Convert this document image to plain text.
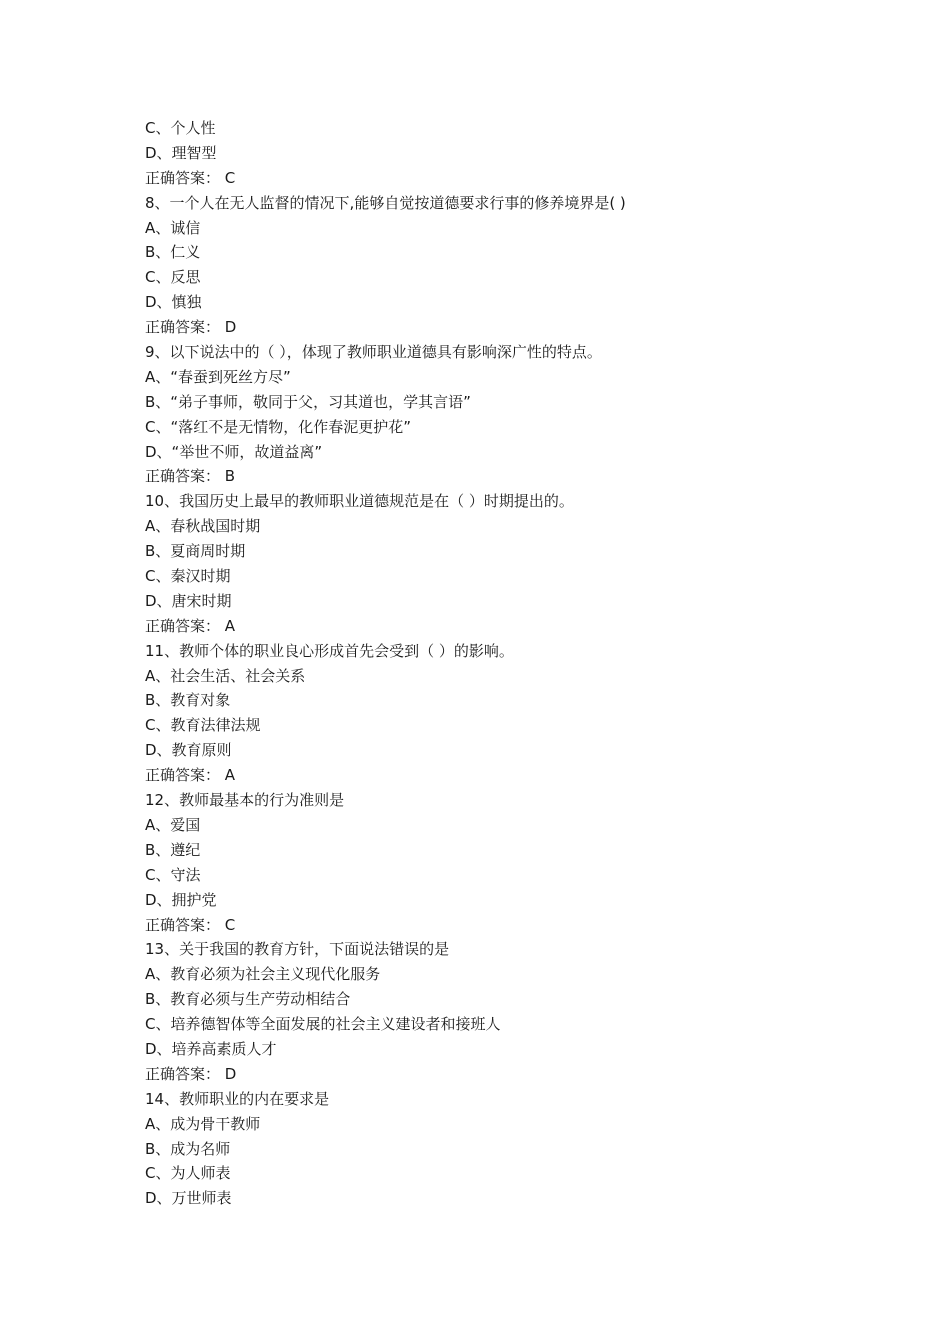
C、个人性
D、理智型
正确答案： C
8、一个人在无人监督的情况下,能够自觉按道德要求行事的修养境界是( )
A、诚信
B、仁义
C、反思
D、慎独
正确答案： D
9、以下说法中的（ ），体现了教师职业道德具有影响深广性的特点。
A、“春蚕到死丝方尽”
B、“弟子事师，敬同于父，习其道也，学其言语”
C、“落红不是无情物，化作春泥更护花”
D、“举世不师，故道益离”
正确答案： B
10、我国历史上最早的教师职业道德规范是在（ ）时期提出的。
A、春秋战国时期
B、夏商周时期
C、秦汉时期
D、唐宋时期
正确答案： A
11、教师个体的职业良心形成首先会受到（ ）的影响。
A、社会生活、社会关系
B、教育对象
C、教育法律法规
D、教育原则
正确答案： A
12、教师最基本的行为准则是
A、爱国
B、遵纪
C、守法
D、拥护党
正确答案： C
13、关于我国的教育方针，下面说法错误的是
A、教育必须为社会主义现代化服务
B、教育必须与生产劳动相结合
C、培养德智体等全面发展的社会主义建设者和接班人
D、培养高素质人才
正确答案： D
14、教师职业的内在要求是
A、成为骨干教师
B、成为名师
C、为人师表
D、万世师表
